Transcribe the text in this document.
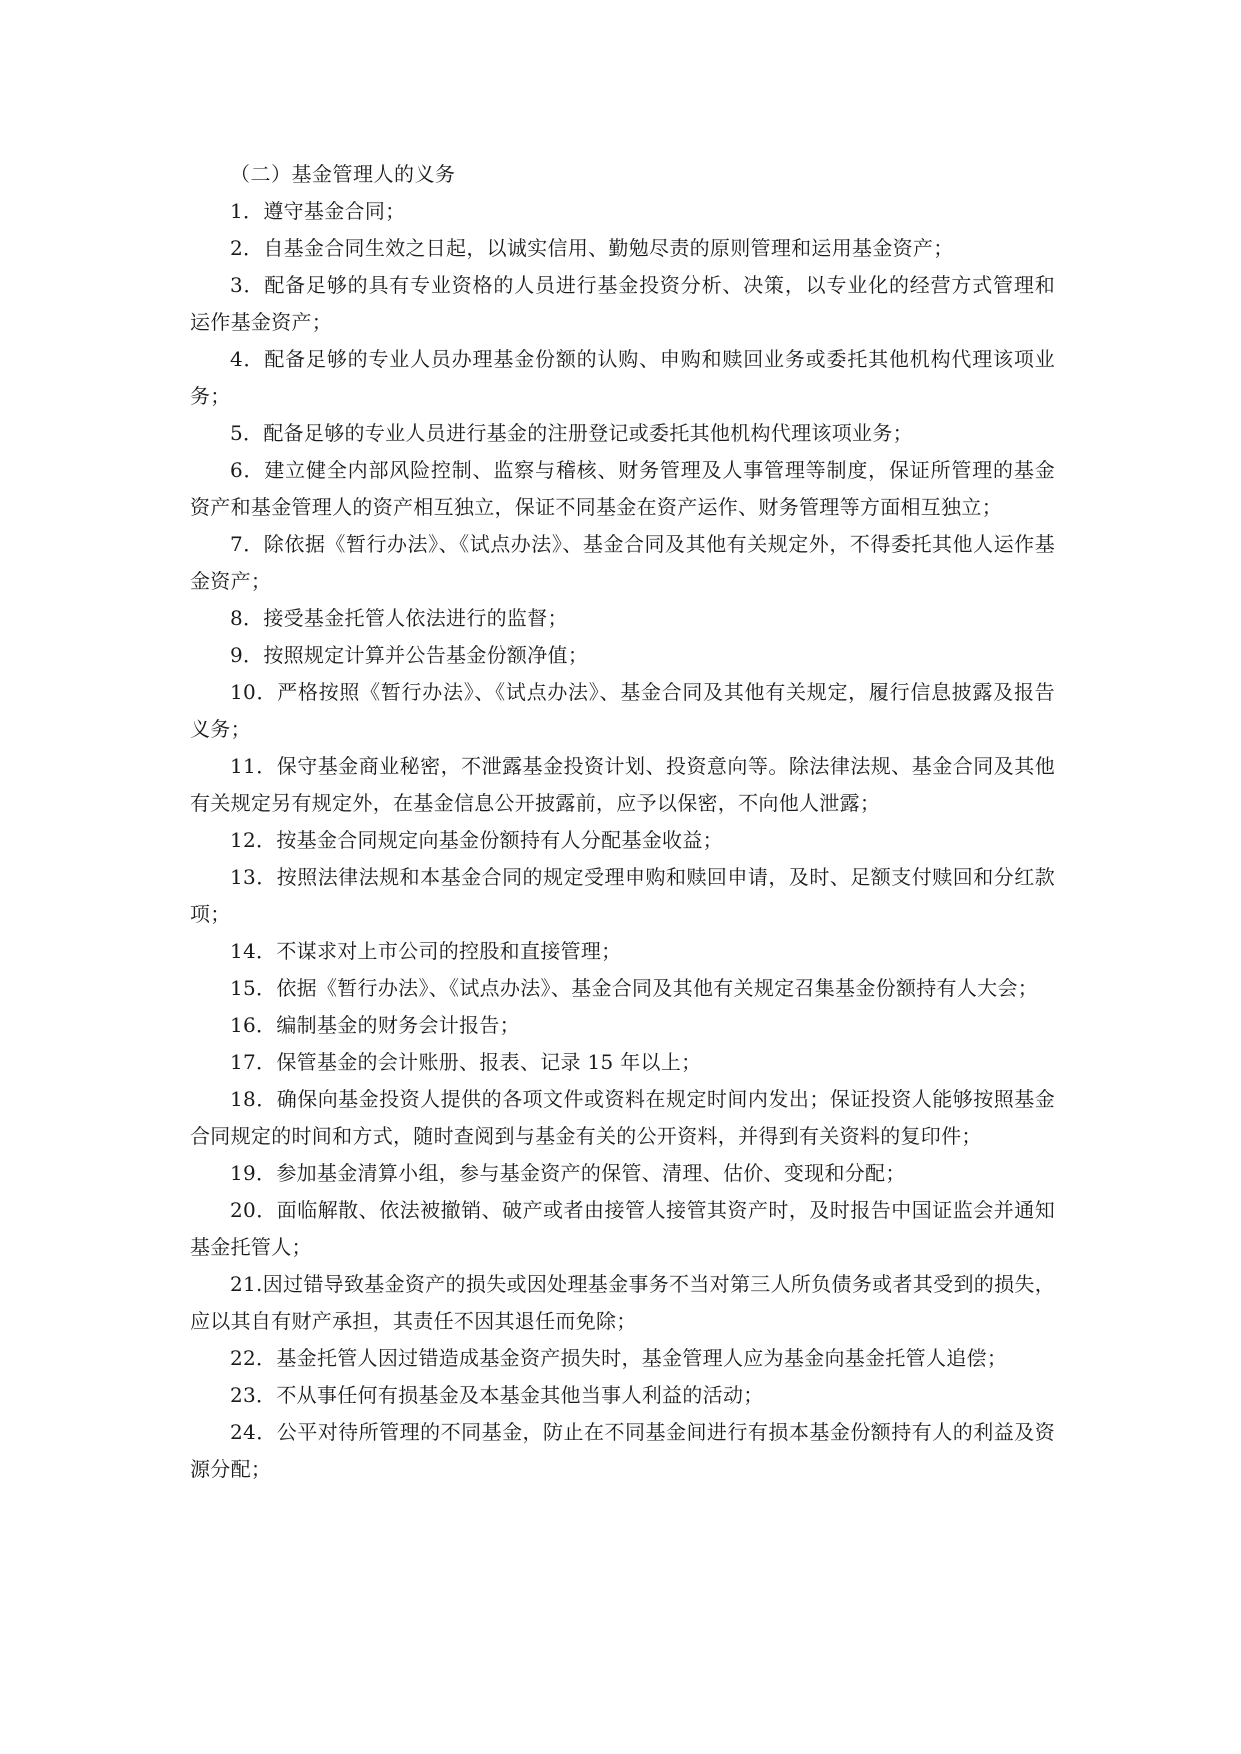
（二）基金管理人的义务

1．遵守基金合同；

2．自基金合同生效之日起，以诚实信用、勤勉尽责的原则管理和运用基金资产；

3．配备足够的具有专业资格的人员进行基金投资分析、决策，以专业化的经营方式管理和运作基金资产；

4．配备足够的专业人员办理基金份额的认购、申购和赎回业务或委托其他机构代理该项业务；

5．配备足够的专业人员进行基金的注册登记或委托其他机构代理该项业务；

6．建立健全内部风险控制、监察与稽核、财务管理及人事管理等制度，保证所管理的基金资产和基金管理人的资产相互独立，保证不同基金在资产运作、财务管理等方面相互独立；

7．除依据《暂行办法》、《试点办法》、基金合同及其他有关规定外，不得委托其他人运作基金资产；

8．接受基金托管人依法进行的监督；

9．按照规定计算并公告基金份额净值；

10．严格按照《暂行办法》、《试点办法》、基金合同及其他有关规定，履行信息披露及报告义务；

11．保守基金商业秘密，不泄露基金投资计划、投资意向等。除法律法规、基金合同及其他有关规定另有规定外，在基金信息公开披露前，应予以保密，不向他人泄露；

12．按基金合同规定向基金份额持有人分配基金收益；

13．按照法律法规和本基金合同的规定受理申购和赎回申请，及时、足额支付赎回和分红款项；

14．不谋求对上市公司的控股和直接管理；

15．依据《暂行办法》、《试点办法》、基金合同及其他有关规定召集基金份额持有人大会；

16．编制基金的财务会计报告；

17．保管基金的会计账册、报表、记录 15 年以上；

18．确保向基金投资人提供的各项文件或资料在规定时间内发出；保证投资人能够按照基金合同规定的时间和方式，随时查阅到与基金有关的公开资料，并得到有关资料的复印件；

19．参加基金清算小组，参与基金资产的保管、清理、估价、变现和分配；

20．面临解散、依法被撤销、破产或者由接管人接管其资产时，及时报告中国证监会并通知基金托管人；

21.因过错导致基金资产的损失或因处理基金事务不当对第三人所负债务或者其受到的损失，应以其自有财产承担，其责任不因其退任而免除；

22．基金托管人因过错造成基金资产损失时，基金管理人应为基金向基金托管人追偿；

23．不从事任何有损基金及本基金其他当事人利益的活动；

24．公平对待所管理的不同基金，防止在不同基金间进行有损本基金份额持有人的利益及资源分配；
